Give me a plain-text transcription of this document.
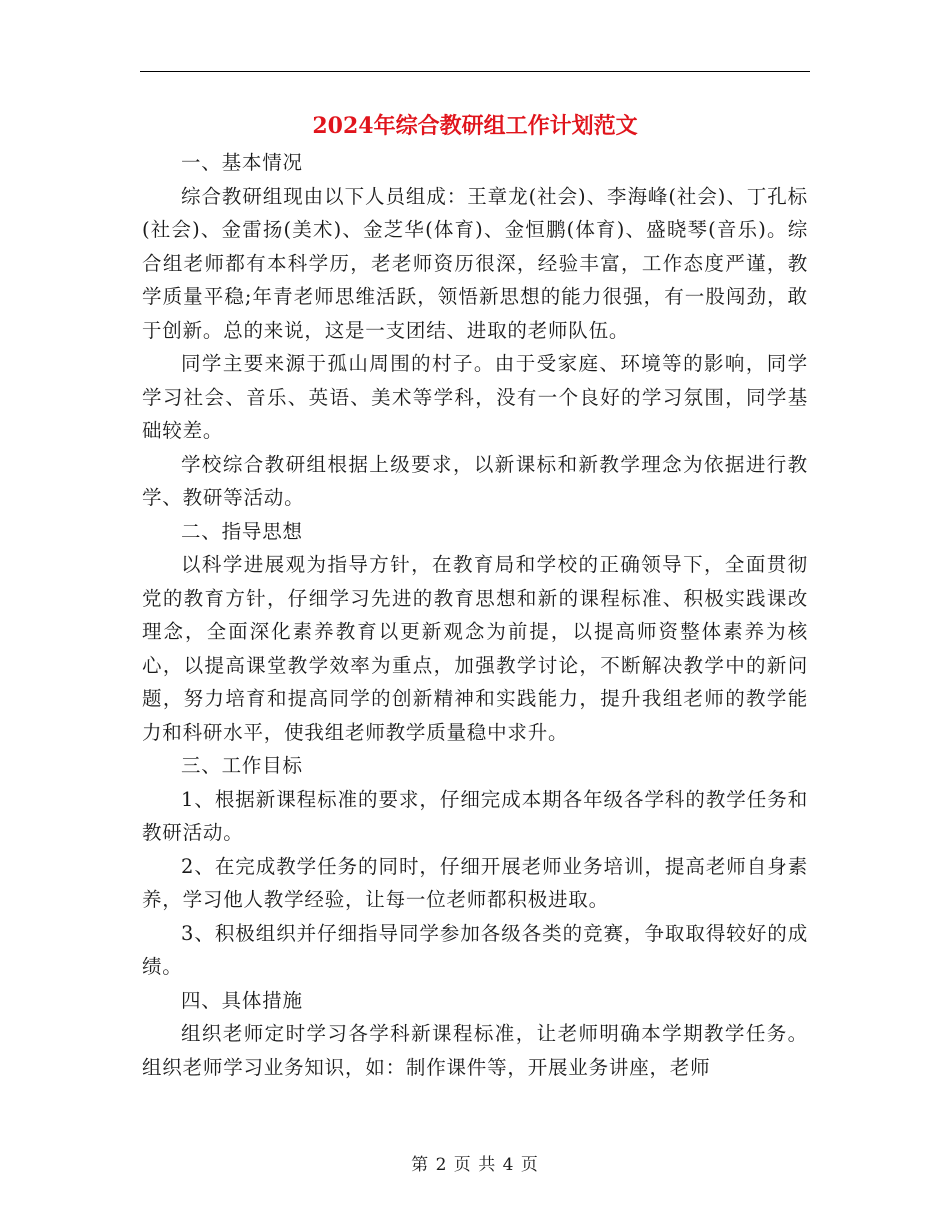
2024年综合教研组工作计划范文

一、基本情况

综合教研组现由以下人员组成：王章龙(社会)、李海峰(社会)、丁孔标(社会)、金雷扬(美术)、金芝华(体育)、金恒鹏(体育)、盛晓琴(音乐)。综合组老师都有本科学历，老老师资历很深，经验丰富，工作态度严谨，教学质量平稳;年青老师思维活跃，领悟新思想的能力很强，有一股闯劲，敢于创新。总的来说，这是一支团结、进取的老师队伍。

同学主要来源于孤山周围的村子。由于受家庭、环境等的影响，同学学习社会、音乐、英语、美术等学科，没有一个良好的学习氛围，同学基础较差。

学校综合教研组根据上级要求，以新课标和新教学理念为依据进行教学、教研等活动。

二、指导思想

以科学进展观为指导方针，在教育局和学校的正确领导下，全面贯彻党的教育方针，仔细学习先进的教育思想和新的课程标准、积极实践课改理念，全面深化素养教育以更新观念为前提，以提高师资整体素养为核心，以提高课堂教学效率为重点，加强教学讨论，不断解决教学中的新问题，努力培育和提高同学的创新精神和实践能力，提升我组老师的教学能力和科研水平，使我组老师教学质量稳中求升。

三、工作目标

1、根据新课程标准的要求，仔细完成本期各年级各学科的教学任务和教研活动。

2、在完成教学任务的同时，仔细开展老师业务培训，提高老师自身素养，学习他人教学经验，让每一位老师都积极进取。

3、积极组织并仔细指导同学参加各级各类的竞赛，争取取得较好的成绩。

四、具体措施

组织老师定时学习各学科新课程标准，让老师明确本学期教学任务。组织老师学习业务知识，如：制作课件等，开展业务讲座，老师

第 2 页 共 4 页
